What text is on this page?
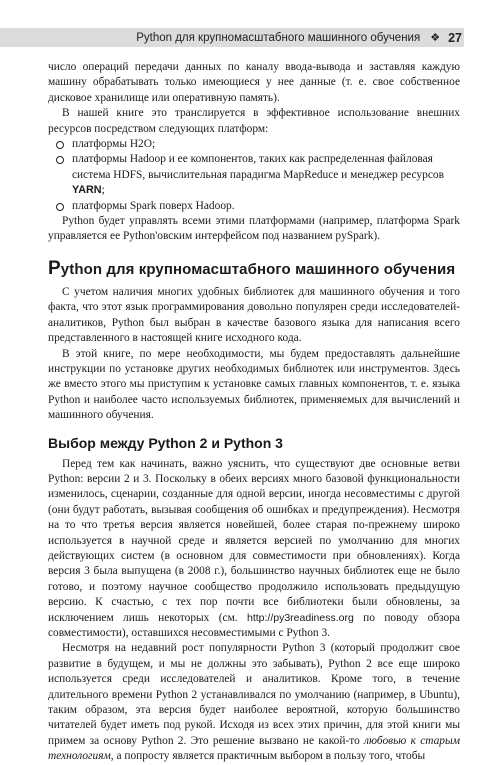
Python для крупномасштабного машинного обучения ❖ 27

число операций передачи данных по каналу ввода-вывода и заставляя каждую машину обрабатывать только имеющиеся у нее данные (т. е. свое собственное дисковое хранилище или оперативную память).

В нашей книге это транслируется в эффективное использование внешних ресурсов посредством следующих платформ:

платформы H2O;
платформы Hadoop и ее компонентов, таких как распределенная файловая система HDFS, вычислительная парадигма MapReduce и менеджер ресурсов YARN;
платформы Spark поверх Hadoop.

Python будет управлять всеми этими платформами (например, платформа Spark управляется ее Python'овским интерфейсом под названием pySpark).

Python для крупномасштабного машинного обучения

С учетом наличия многих удобных библиотек для машинного обучения и того факта, что этот язык программирования довольно популярен среди исследователей-аналитиков, Python был выбран в качестве базового языка для написания всего представленного в настоящей книге исходного кода.

В этой книге, по мере необходимости, мы будем предоставлять дальнейшие инструкции по установке других необходимых библиотек или инструментов. Здесь же вместо этого мы приступим к установке самых главных компонентов, т. е. языка Python и наиболее часто используемых библиотек, применяемых для вычислений и машинного обучения.

Выбор между Python 2 и Python 3

Перед тем как начинать, важно уяснить, что существуют две основные ветви Python: версии 2 и 3. Поскольку в обеих версиях много базовой функциональности изменилось, сценарии, созданные для одной версии, иногда несовместимы с другой (они будут работать, вызывая сообщения об ошибках и предупреждения). Несмотря на то что третья версия является новейшей, более старая по-прежнему широко используется в научной среде и является версией по умолчанию для многих действующих систем (в основном для совместимости при обновлениях). Когда версия 3 была выпущена (в 2008 г.), большинство научных библиотек еще не было готово, и поэтому научное сообщество продолжило использовать предыдущую версию. К счастью, с тех пор почти все библиотеки были обновлены, за исключением лишь некоторых (см. http://py3readiness.org по поводу обзора совместимости), оставшихся несовместимыми с Python 3.

Несмотря на недавний рост популярности Python 3 (который продолжит свое развитие в будущем, и мы не должны это забывать), Python 2 все еще широко используется среди исследователей и аналитиков. Кроме того, в течение длительного времени Python 2 устанавливался по умолчанию (например, в Ubuntu), таким образом, эта версия будет наиболее вероятной, которую большинство читателей будет иметь под рукой. Исходя из всех этих причин, для этой книги мы примем за основу Python 2. Это решение вызвано не какой-то любовью к старым технологиям, а попросту является практичным выбором в пользу того, чтобы
